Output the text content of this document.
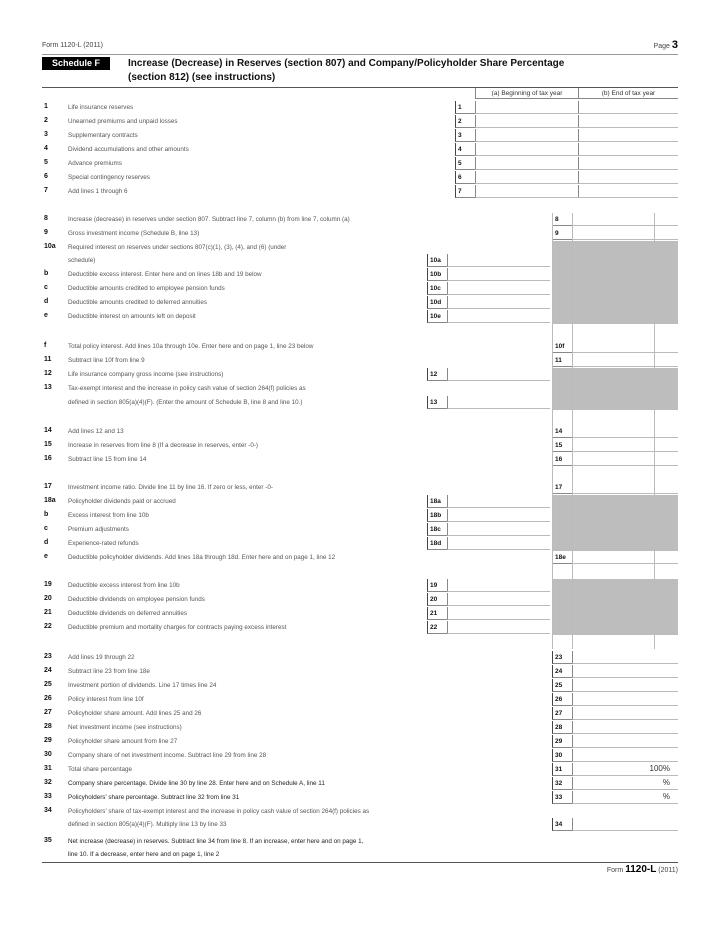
Form 1120-L (2011)	Page 3
Schedule F	Increase (Decrease) in Reserves (section 807) and Company/Policyholder Share Percentage
(section 812) (see instructions)
(a) Beginning of tax year	(b) End of tax year
1	Life insurance reserves	1
2	Unearned premiums and unpaid losses	2
3	Supplementary contracts	3
4	Dividend accumulations and other amounts	4
5	Advance premiums	5
6	Special contingency reserves	6
7	Add lines 1 through 6	7
8	Increase (decrease) in reserves under section 807. Subtract line 7, column (b) from line 7, column (a)	8
9	Gross investment income (Schedule B, line 13)	9
10a	Required interest on reserves under sections 807(c)(1), (3), (4), and (6) (under
schedule)	10a
b	Deductible excess interest. Enter here and on lines 18b and 19 below	10b
c	Deductible amounts credited to employee pension funds	10c
d	Deductible amounts credited to deferred annuities	10d
e	Deductible interest on amounts left on deposit	10e
f	Total policy interest. Add lines 10a through 10e. Enter here and on page 1, line 23 below	10f
11	Subtract line 10f from line 9	11
12	Life insurance company gross income (see instructions)	12
13	Tax-exempt interest and the increase in policy cash value of section 264(f) policies as
defined in section 805(a)(4)(F). (Enter the amount of Schedule B, line 8 and line 10.)	13
14	Add lines 12 and 13	14
15	Increase in reserves from line 8 (If a decrease in reserves, enter -0-)	15
16	Subtract line 15 from line 14	16
17	Investment income ratio. Divide line 11 by line 16. If zero or less, enter -0-	17
18a	Policyholder dividends paid or accrued	18a
b	Excess interest from line 10b	18b
c	Premium adjustments	18c
d	Experience-rated refunds	18d
e	Deductible policyholder dividends. Add lines 18a through 18d. Enter here and on page 1, line 12	18e
19	Deductible excess interest from line 10b	19
20	Deductible dividends on employee pension funds	20
21	Deductible dividends on deferred annuities	21
22	Deductible premium and mortality charges for contracts paying excess interest	22
23	Add lines 19 through 22	23
24	Subtract line 23 from line 18e	24
25	Investment portion of dividends. Line 17 times line 24	25
26	Policy interest from line 10f	26
27	Policyholder share amount. Add lines 25 and 26	27
28	Net investment income (see instructions)	28
29	Policyholder share amount from line 27	29
30	Company share of net investment income. Subtract line 29 from line 28	30
31	Total share percentage	31	100%
32	Company share percentage. Divide line 30 by line 28. Enter here and on Schedule A, line 11	32	%
33	Policyholders' share percentage. Subtract line 32 from line 31	33	%
34	Policyholders' share of tax-exempt interest and the increase in policy cash value of section 264(f) policies as
defined in section 805(a)(4)(F). Multiply line 13 by line 33	34
35	Net increase (decrease) in reserves. Subtract line 34 from line 8. If an increase, enter here and on page 1,
line 10. If a decrease, enter here and on page 1, line 2
Form 1120-L (2011)
